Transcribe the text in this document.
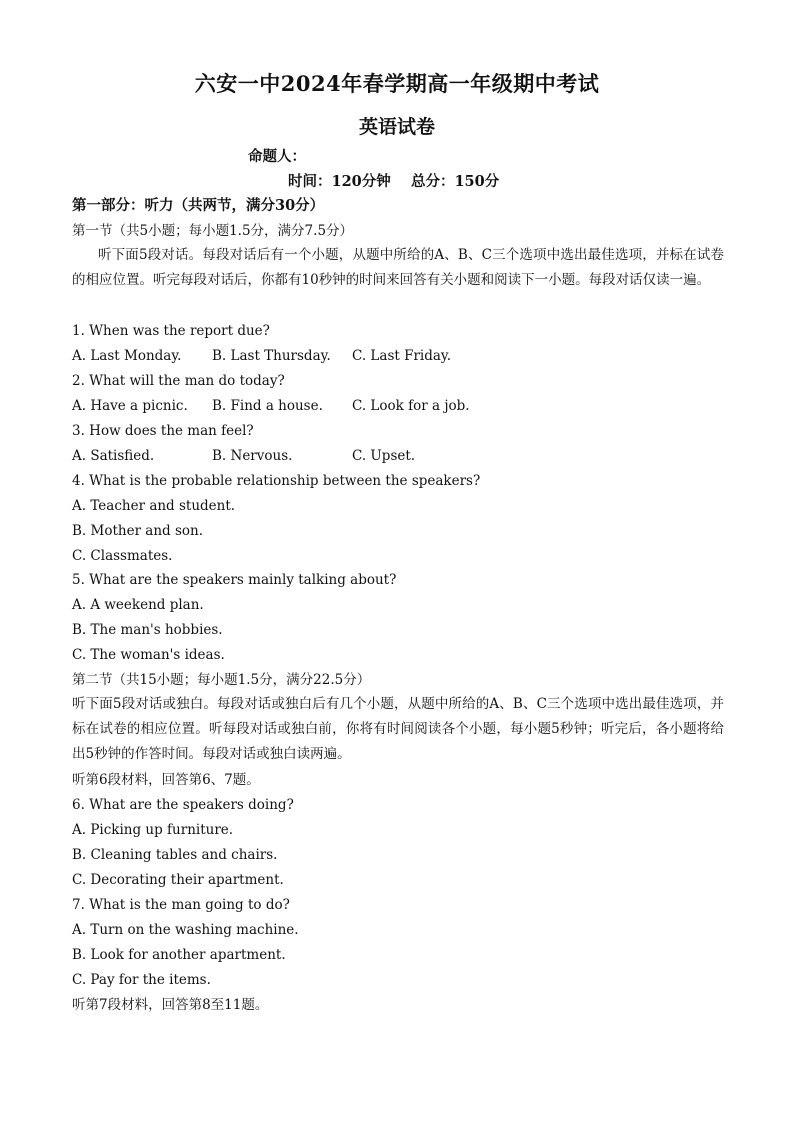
六安一中2024年春学期高一年级期中考试
英语试卷
命题人：
时间：120分钟    总分：150分
第一部分：听力（共两节，满分30分）
第一节（共5小题；每小题1.5分，满分7.5分）
听下面5段对话。每段对话后有一个小题，从题中所给的A、B、C三个选项中选出最佳选项，并标在试卷的相应位置。听完每段对话后，你都有10秒钟的时间来回答有关小题和阅读下一小题。每段对话仅读一遍。
1. When was the report due?
A. Last Monday. B. Last Thursday. C. Last Friday.
2. What will the man do today?
A. Have a picnic. B. Find a house. C. Look for a job.
3. How does the man feel?
A. Satisfied.	B. Nervous.	C. Upset.
4. What is the probable relationship between the speakers?
A. Teacher and student.
B. Mother and son.
C. Classmates.
5. What are the speakers mainly talking about?
A. A weekend plan.
B. The man's hobbies.
C. The woman's ideas.
第二节（共15小题；每小题1.5分，满分22.5分）
听下面5段对话或独白。每段对话或独白后有几个小题，从题中所给的A、B、C三个选项中选出最佳选项，并标在试卷的相应位置。听每段对话或独白前，你将有时间阅读各个小题，每小题5秒钟；听完后，各小题将给出5秒钟的作答时间。每段对话或独白读两遍。
听第6段材料，回答第6、7题。
6. What are the speakers doing?
A. Picking up furniture.
B. Cleaning tables and chairs.
C. Decorating their apartment.
7. What is the man going to do?
A. Turn on the washing machine.
B. Look for another apartment.
C. Pay for the items.
听第7段材料，回答第8至11题。
